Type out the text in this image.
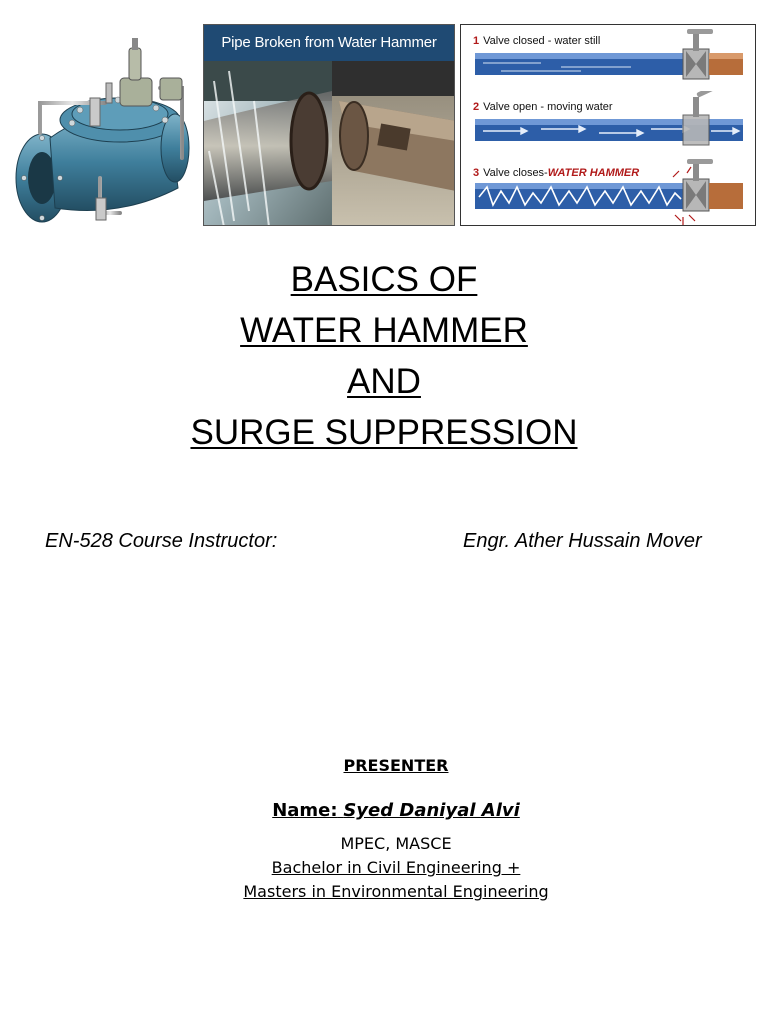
Pipe Broken from Water Hammer	1 Valve closed - water still
2 Valve open - moving water
3 Valve closes-WATER HAMMER
BASICS OF
WATER HAMMER
AND
SURGE SUPPRESSION
EN-528 Course Instructor:	Engr. Ather Hussain Mover
PRESENTER
Name: Syed Daniyal Alvi
MPEC, MASCE
Bachelor in Civil Engineering +
Masters in Environmental Engineering
